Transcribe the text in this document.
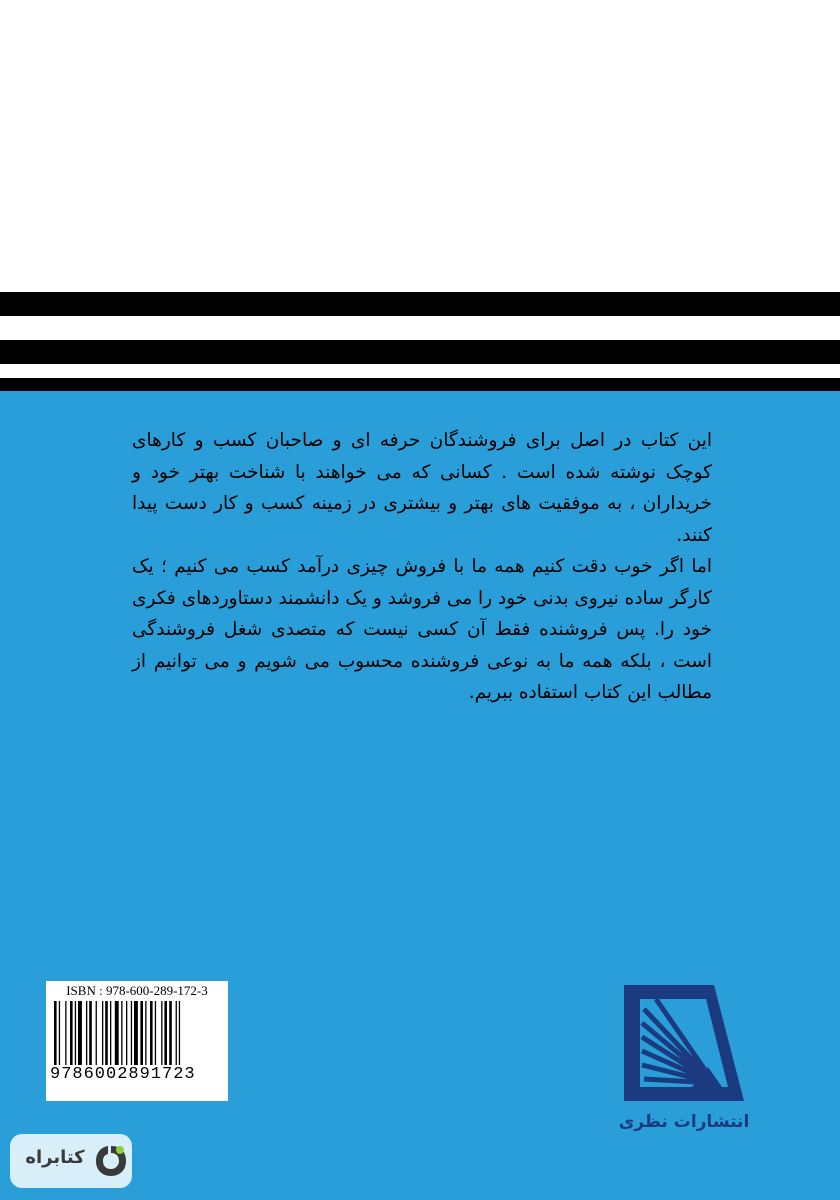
این کتاب در اصل برای فروشندگان حرفه ای و صاحبان کسب و کارهای کوچک نوشته شده است . کسانی که می خواهند با شناخت بهتر خود و خریداران ، به موفقیت های بهتر و بیشتری در زمینه کسب و کار دست پیدا کنند.

اما اگر خوب دقت کنیم همه ما با فروش چیزی درآمد کسب می کنیم ؛ یک کارگر ساده نیروی بدنی خود را می فروشد و یک دانشمند دستاوردهای فکری خود را. پس فروشنده فقط آن کسی نیست که متصدی شغل فروشندگی است ، بلکه همه ما به نوعی فروشنده محسوب می شویم و می توانیم از مطالب این کتاب استفاده ببریم.

ISBN : 978-600-289-172-3
9786002891723
انتشارات نظری
کتابراه
